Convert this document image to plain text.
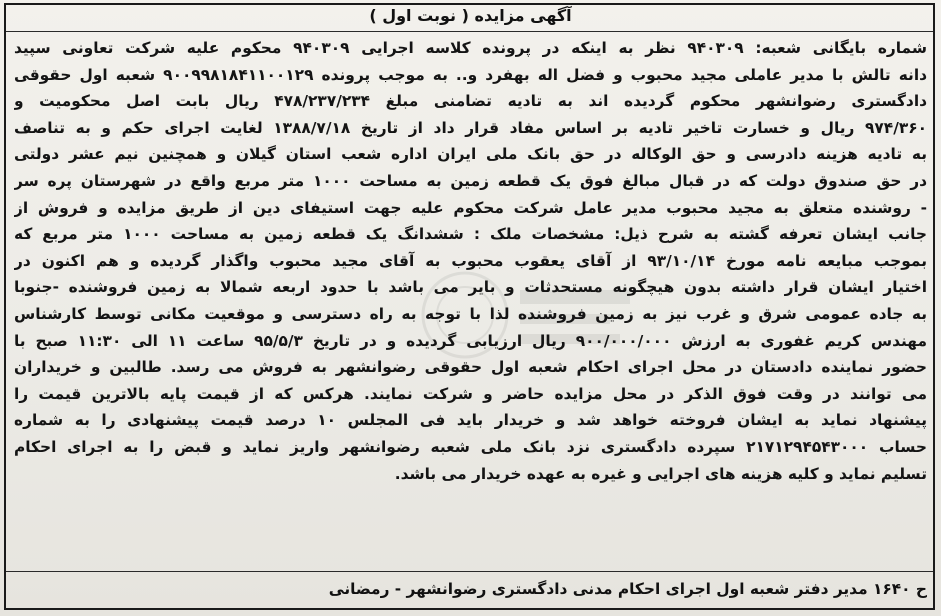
آگهی مزایده ( نوبت اول )
شماره بایگانی شعبه: ۹۴۰۳۰۹ نظر به اینکه در پرونده کلاسه اجرایی ۹۴۰۳۰۹ محکوم علیه شرکت تعاونی سپید
دانه تالش با مدیر عاملی مجید محبوب و فضل اله بهفرد و.. به موجب پرونده ۹۰۰۹۹۸۱۸۴۱۱۰۰۱۲۹ شعبه اول حقوقی
دادگستری رضوانشهر محکوم گردیده اند به تادیه تضامنی مبلغ ۴۷۸/۲۳۷/۲۳۴ ریال بابت اصل محکومیت و
۹۷۴/۳۶۰ ریال و خسارت تاخیر تادیه بر اساس مفاد قرار داد از تاریخ ۱۳۸۸/۷/۱۸ لغایت اجرای حکم و به تناصف
به تادیه هزینه دادرسی و حق الوکاله در حق بانک ملی ایران اداره شعب استان گیلان و همچنین نیم عشر دولتی
در حق صندوق دولت که در قبال مبالغ فوق یک قطعه زمین به مساحت ۱۰۰۰ متر مربع واقع در شهرستان پره سر
- روشنده متعلق به مجید محبوب مدیر عامل شرکت محکوم علیه جهت استیفای دین از طریق مزایده و فروش از
جانب ایشان تعرفه گشته به شرح ذیل: مشخصات ملک : ششدانگ یک قطعه زمین به مساحت ۱۰۰۰ متر مربع که
بموجب مبایعه نامه مورخ ۹۳/۱۰/۱۴ از آقای یعقوب محبوب به آقای مجید محبوب واگذار گردیده و هم اکنون در
اختیار ایشان قرار داشته بدون هیچگونه مستحدثات و بایر می باشد با حدود اربعه شمالا به زمین فروشنده -جنوبا
به جاده عمومی شرق و غرب نیز به زمین فروشنده لذا با توجه به راه دسترسی و موقعیت مکانی توسط کارشناس
مهندس کریم غفوری به ارزش ۹۰۰/۰۰۰/۰۰۰ ریال ارزیابی گردیده و در تاریخ ۹۵/۵/۳ ساعت ۱۱ الی ۱۱:۳۰ صبح با
حضور نماینده دادستان در محل اجرای احکام شعبه اول حقوقی رضوانشهر به فروش می رسد. طالبین و خریداران
می توانند در وقت فوق الذکر در محل مزایده حاضر و شرکت نمایند. هرکس که از قیمت پایه بالاترین قیمت را
پیشنهاد نماید به ایشان فروخته خواهد شد و خریدار باید فی المجلس ۱۰ درصد قیمت پیشنهادی را به شماره
حساب ۲۱۷۱۲۹۴۵۴۳۰۰۰ سپرده دادگستری نزد بانک ملی شعبه رضوانشهر واریز نماید و قبض را به اجرای احکام
تسلیم نماید و کلیه هزینه های اجرایی و غیره به عهده خریدار می باشد.
ح ۱۶۴۰ مدیر دفتر شعبه اول اجرای احکام مدنی دادگستری رضوانشهر - رمضانی
